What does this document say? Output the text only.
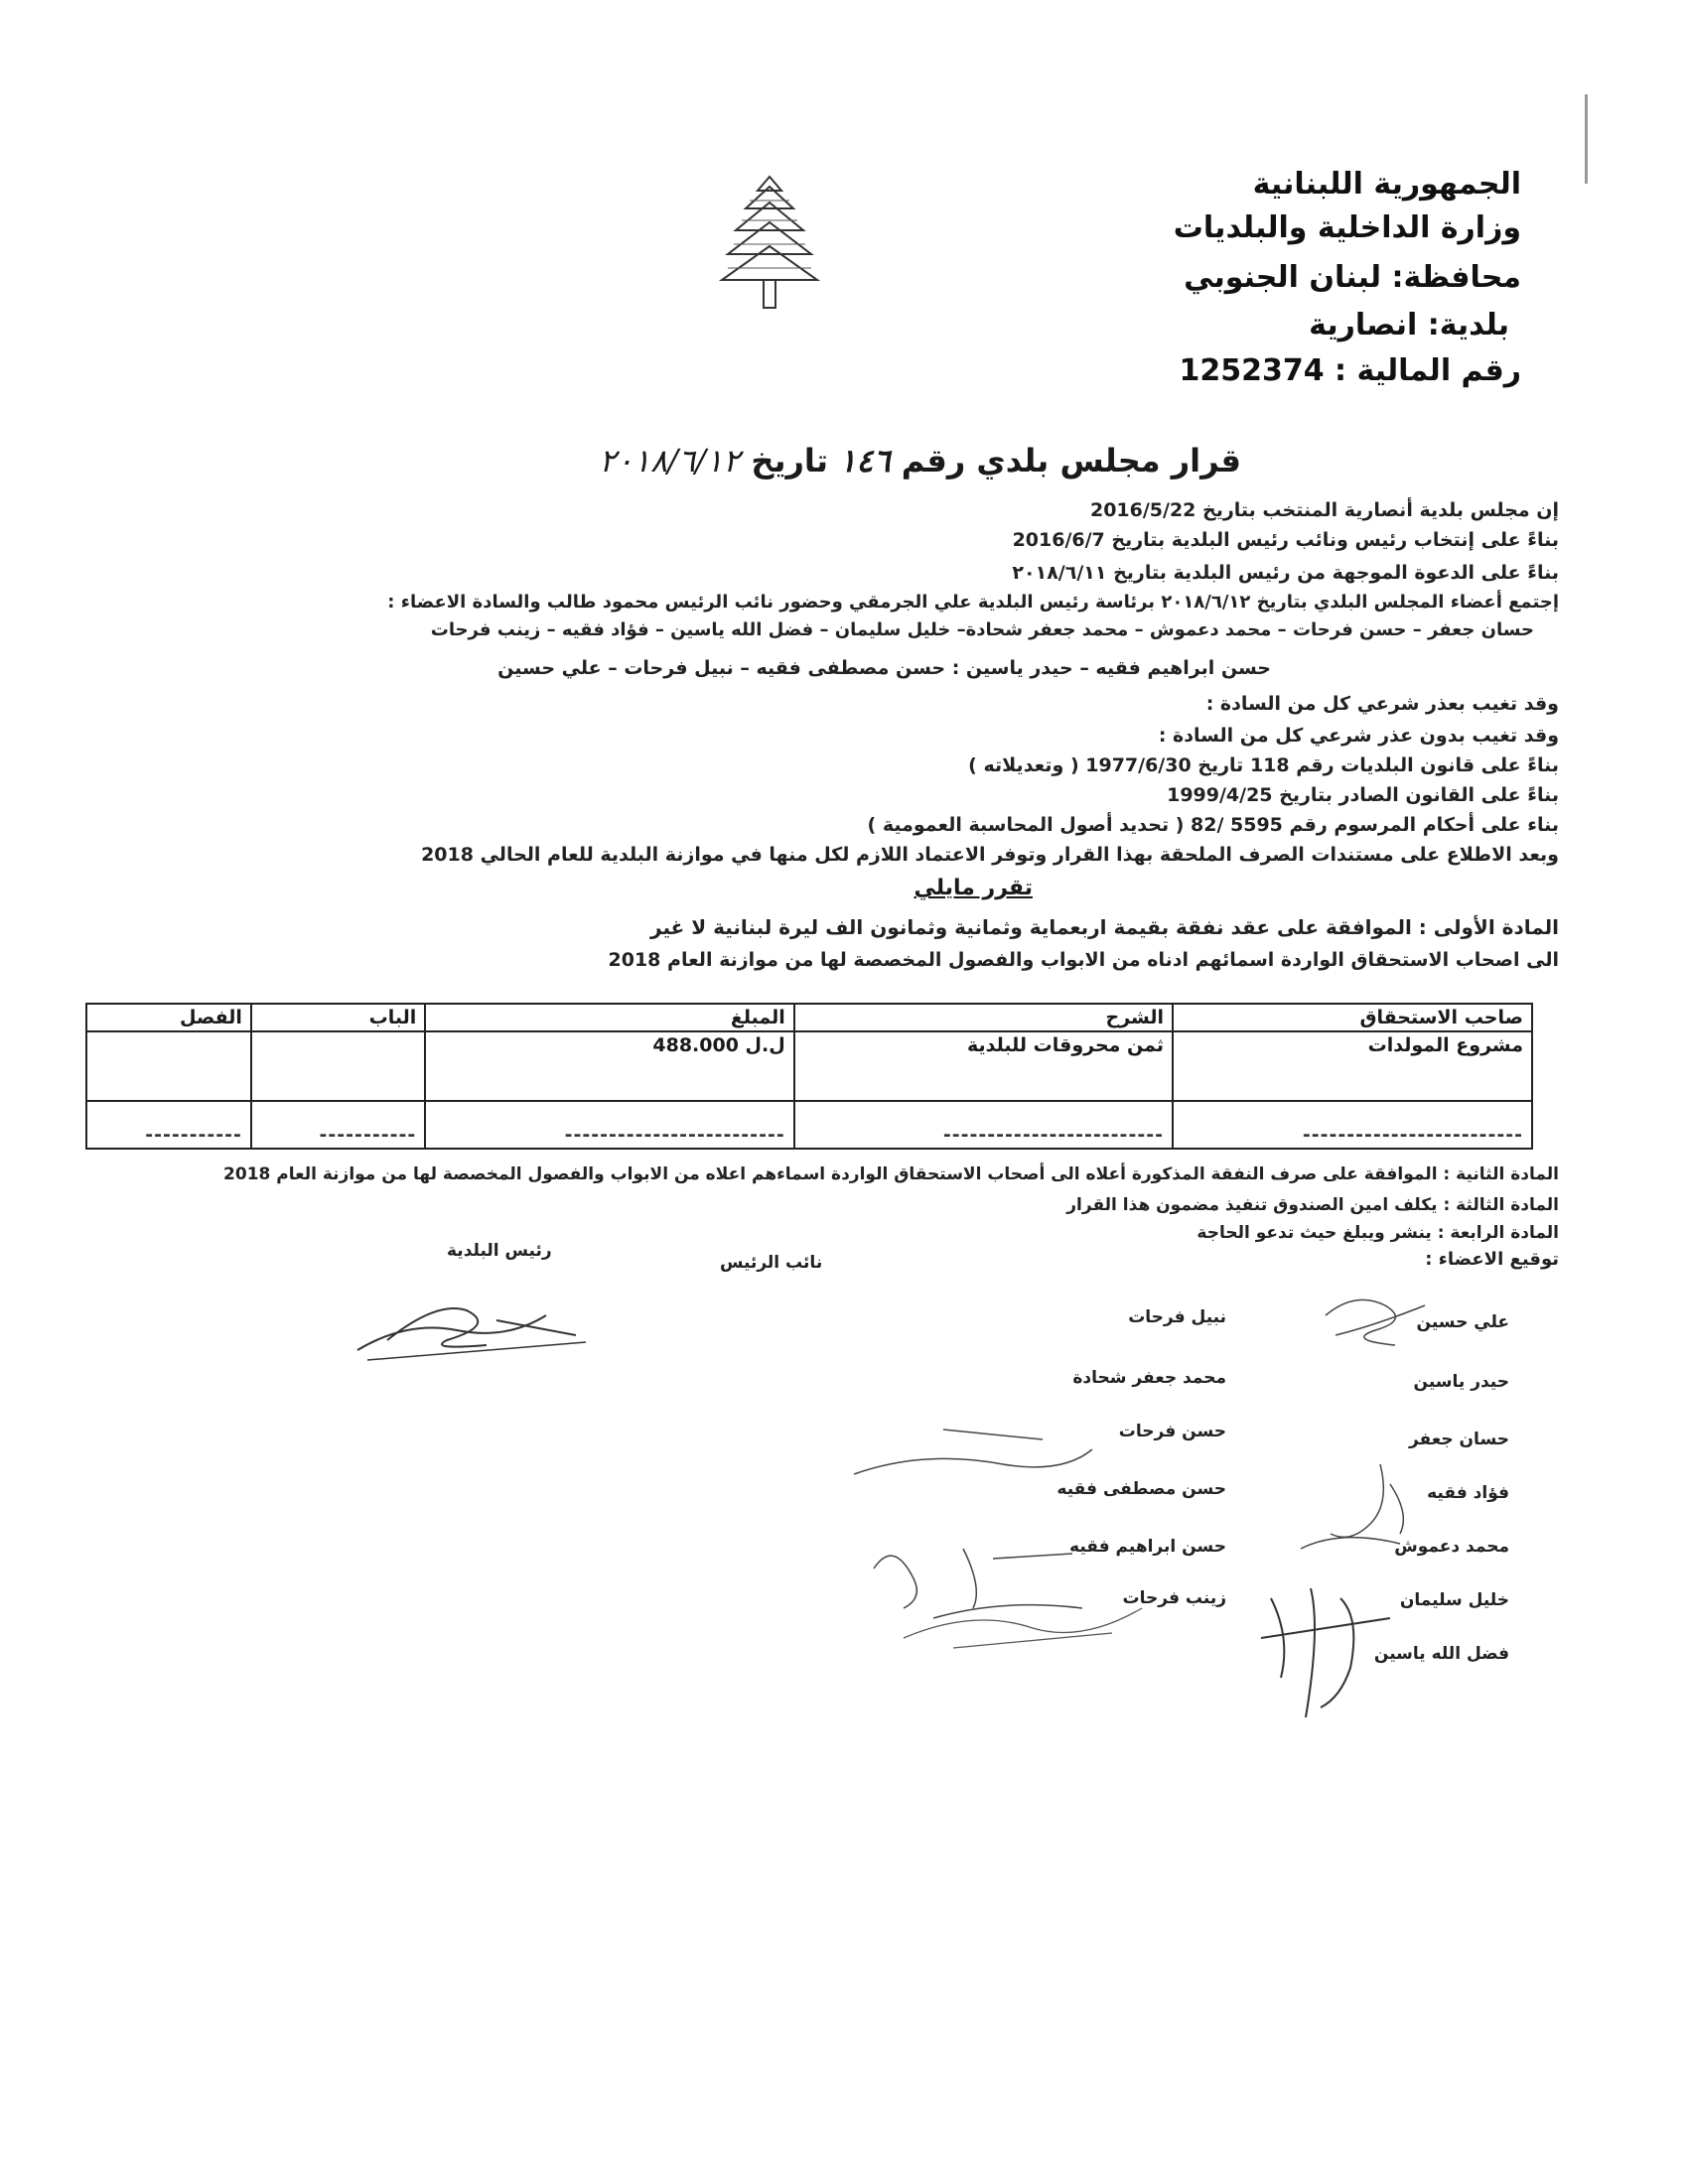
الجمهورية اللبنانية
وزارة الداخلية والبلديات
محافظة: لبنان الجنوبي
بلدية: انصارية
رقم المالية : 1252374
قرار مجلس بلدي رقم ١٤٦ تاريخ ٢٠١٨/٦/١٢
إن مجلس بلدية أنصارية المنتخب بتاريخ 2016/5/22
بناءً على إنتخاب رئيس ونائب رئيس البلدية بتاريخ 2016/6/7
بناءً على الدعوة الموجهة من رئيس البلدية بتاريخ ٢٠١٨/٦/١١
إجتمع أعضاء المجلس البلدي بتاريخ ٢٠١٨/٦/١٢ برئاسة رئيس البلدية علي الجرمقي وحضور نائب الرئيس محمود طالب والسادة الاعضاء :
حسان جعفر – حسن فرحات – محمد دعموش – محمد جعفر شحادة– خليل سليمان – فضل الله ياسين – فؤاد فقيه – زينب فرحات
حسن ابراهيم فقيه – حيدر ياسين : حسن مصطفى فقيه – نبيل فرحات – علي حسين
وقد تغيب بعذر شرعي كل من السادة :
وقد تغيب بدون عذر شرعي كل من السادة :
بناءً على قانون البلديات رقم 118 تاريخ 1977/6/30 ( وتعديلاته )
بناءً على القانون الصادر بتاريخ 1999/4/25
بناء على أحكام المرسوم رقم 5595 /82 ( تحديد أصول المحاسبة العمومية )
وبعد الاطلاع على مستندات الصرف الملحقة بهذا القرار وتوفر الاعتماد اللازم لكل منها في موازنة البلدية للعام الحالي 2018
تقرر مايلي
المادة الأولى : الموافقة على عقد نفقة بقيمة اربعماية وثمانية وثمانون الف ليرة لبنانية لا غير
الى اصحاب الاستحقاق الواردة اسمائهم ادناه من الابواب والفصول المخصصة لها من موازنة العام 2018
صاحب الاستحقاق	الشرح	المبلغ	الباب	الفصل
مشروع المولدات	ثمن محروقات للبلدية	488.000 ل.ل		
-------------------------	-------------------------	-------------------------	-----------	-----------
المادة الثانية : الموافقة على صرف النفقة المذكورة أعلاه الى أصحاب الاستحقاق الواردة اسماءهم اعلاه من الابواب والفصول المخصصة لها من موازنة العام 2018
المادة الثالثة : يكلف امين الصندوق تنفيذ مضمون هذا القرار
المادة الرابعة : ينشر ويبلغ حيث تدعو الحاجة
توقيع الاعضاء :
رئيس البلدية
نائب الرئيس
علي حسين
حيدر ياسين
حسان جعفر
فؤاد فقيه
محمد دعموش
خليل سليمان
فضل الله ياسين
نبيل فرحات
محمد جعفر شحادة
حسن فرحات
حسن مصطفى فقيه
حسن ابراهيم فقيه
زينب فرحات
